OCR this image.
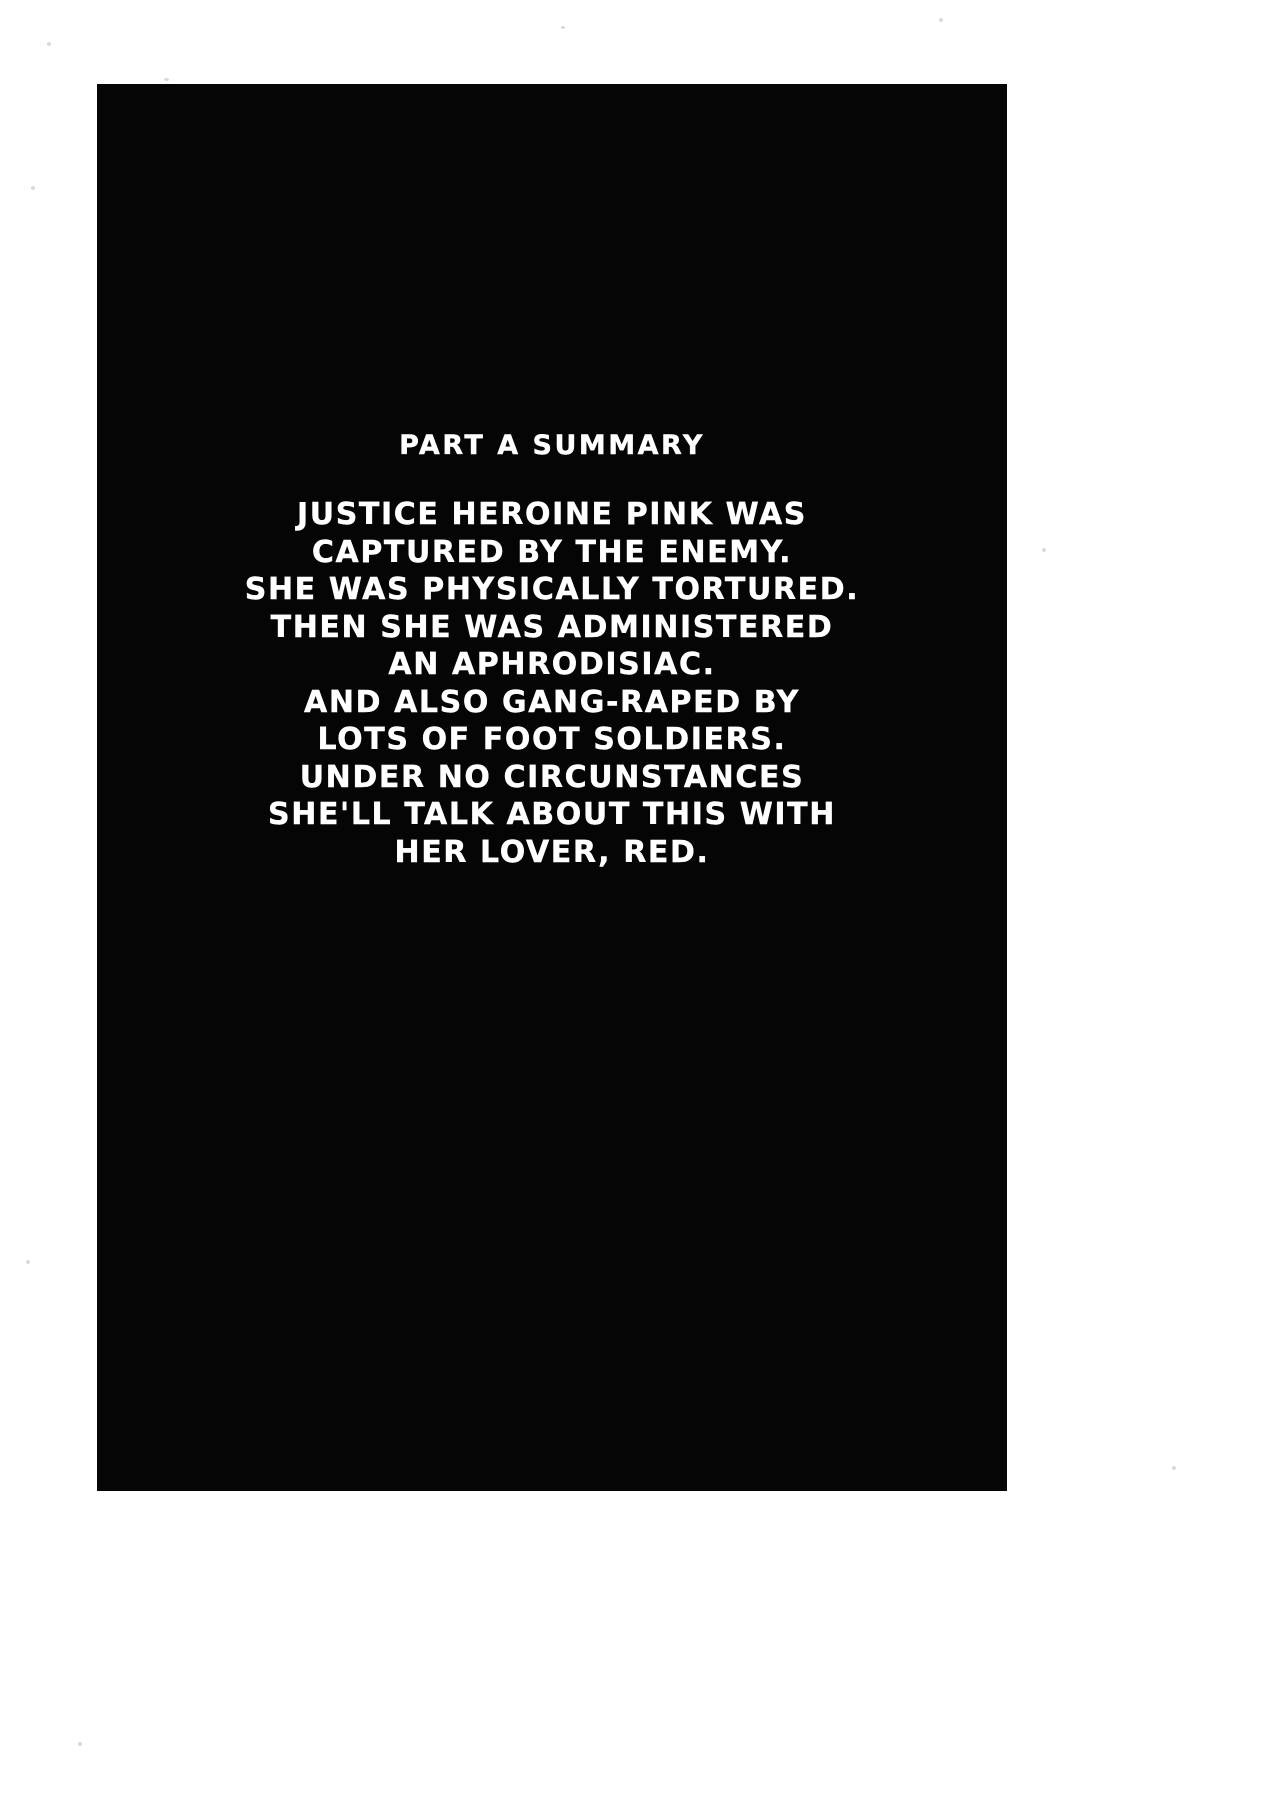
PART A SUMMARY
JUSTICE HEROINE PINK WAS
CAPTURED BY THE ENEMY.
SHE WAS PHYSICALLY TORTURED.
THEN SHE WAS ADMINISTERED
AN APHRODISIAC.
AND ALSO GANG-RAPED BY
LOTS OF FOOT SOLDIERS.
UNDER NO CIRCUNSTANCES
SHE'LL TALK ABOUT THIS WITH
HER LOVER, RED.
